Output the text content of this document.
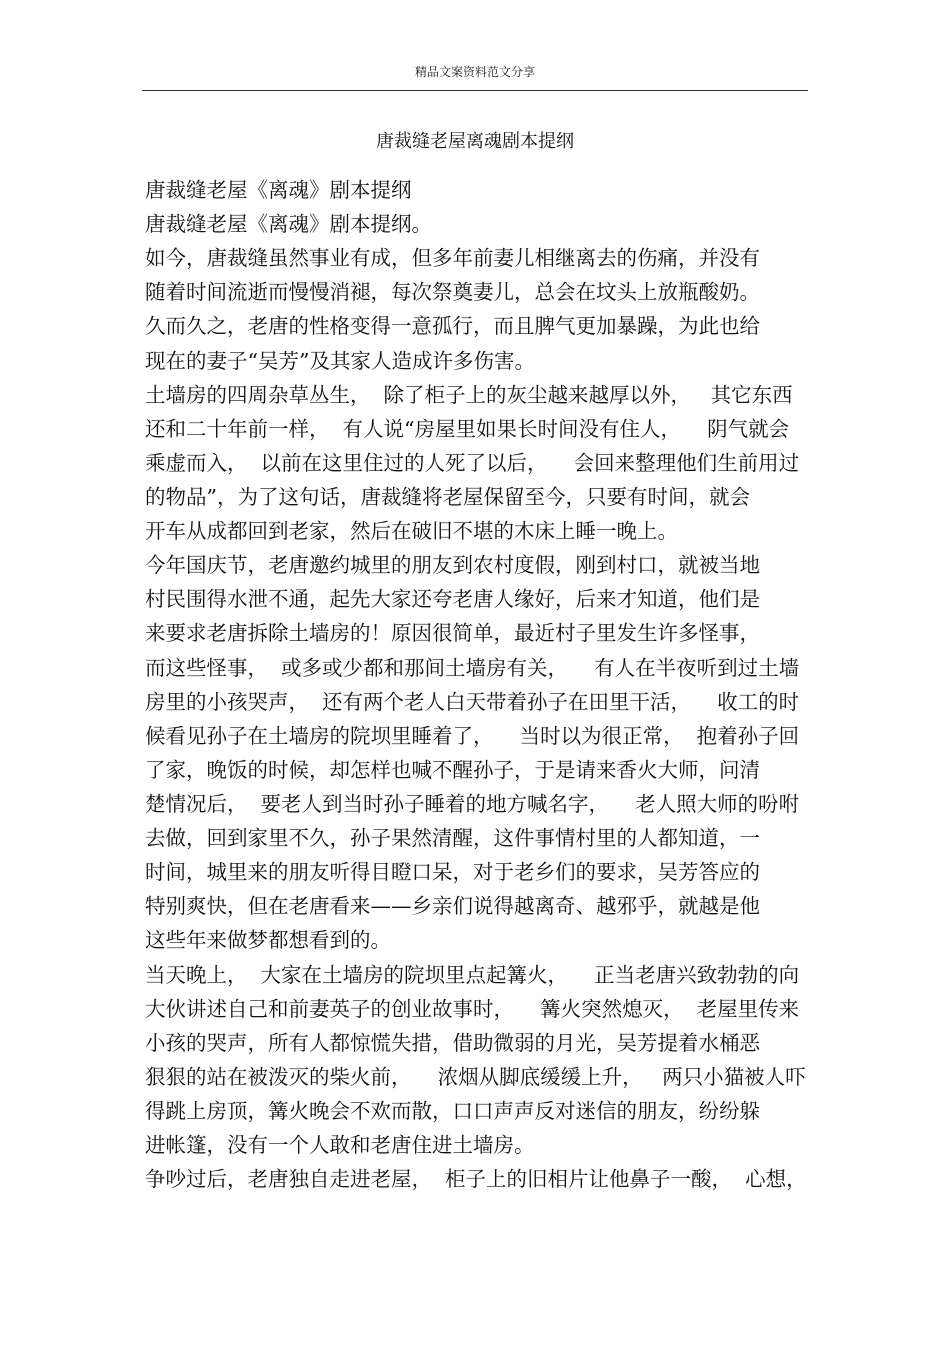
精品文案资料范文分享
唐裁缝老屋离魂剧本提纲
唐裁缝老屋《离魂》剧本提纲
唐裁缝老屋《离魂》剧本提纲。
如今，唐裁缝虽然事业有成，但多年前妻儿相继离去的伤痛，并没有
随着时间流逝而慢慢消褪，每次祭奠妻儿，总会在坟头上放瓶酸奶。
久而久之，老唐的性格变得一意孤行，而且脾气更加暴躁，为此也给
现在的妻子“吴芳”及其家人造成许多伤害。
土墙房的四周杂草丛生，  除了柜子上的灰尘越来越厚以外，   其它东西
还和二十年前一样，  有人说“房屋里如果长时间没有住人，    阴气就会
乘虚而入，  以前在这里住过的人死了以后，    会回来整理他们生前用过
的物品”，为了这句话，唐裁缝将老屋保留至今，只要有时间，就会
开车从成都回到老家，然后在破旧不堪的木床上睡一晚上。
今年国庆节，老唐邀约城里的朋友到农村度假，刚到村口，就被当地
村民围得水泄不通，起先大家还夸老唐人缘好，后来才知道，他们是
来要求老唐拆除土墙房的！原因很简单，最近村子里发生许多怪事，
而这些怪事，  或多或少都和那间土墙房有关，    有人在半夜听到过土墙
房里的小孩哭声，  还有两个老人白天带着孙子在田里干活，    收工的时
候看见孙子在土墙房的院坝里睡着了，    当时以为很正常，  抱着孙子回
了家，晚饭的时候，却怎样也喊不醒孙子，于是请来香火大师，问清
楚情况后，  要老人到当时孙子睡着的地方喊名字，    老人照大师的吩咐
去做，回到家里不久，孙子果然清醒，这件事情村里的人都知道，一
时间，城里来的朋友听得目瞪口呆，对于老乡们的要求，吴芳答应的
特别爽快，但在老唐看来——乡亲们说得越离奇、越邪乎，就越是他
这些年来做梦都想看到的。
当天晚上，  大家在土墙房的院坝里点起篝火，    正当老唐兴致勃勃的向
大伙讲述自己和前妻英子的创业故事时，    篝火突然熄灭，  老屋里传来
小孩的哭声，所有人都惊慌失措，借助微弱的月光，吴芳提着水桶恶
狠狠的站在被泼灭的柴火前，    浓烟从脚底缓缓上升，   两只小猫被人吓
得跳上房顶，篝火晚会不欢而散，口口声声反对迷信的朋友，纷纷躲
进帐篷，没有一个人敢和老唐住进土墙房。
争吵过后，老唐独自走进老屋，  柜子上的旧相片让他鼻子一酸，  心想，
